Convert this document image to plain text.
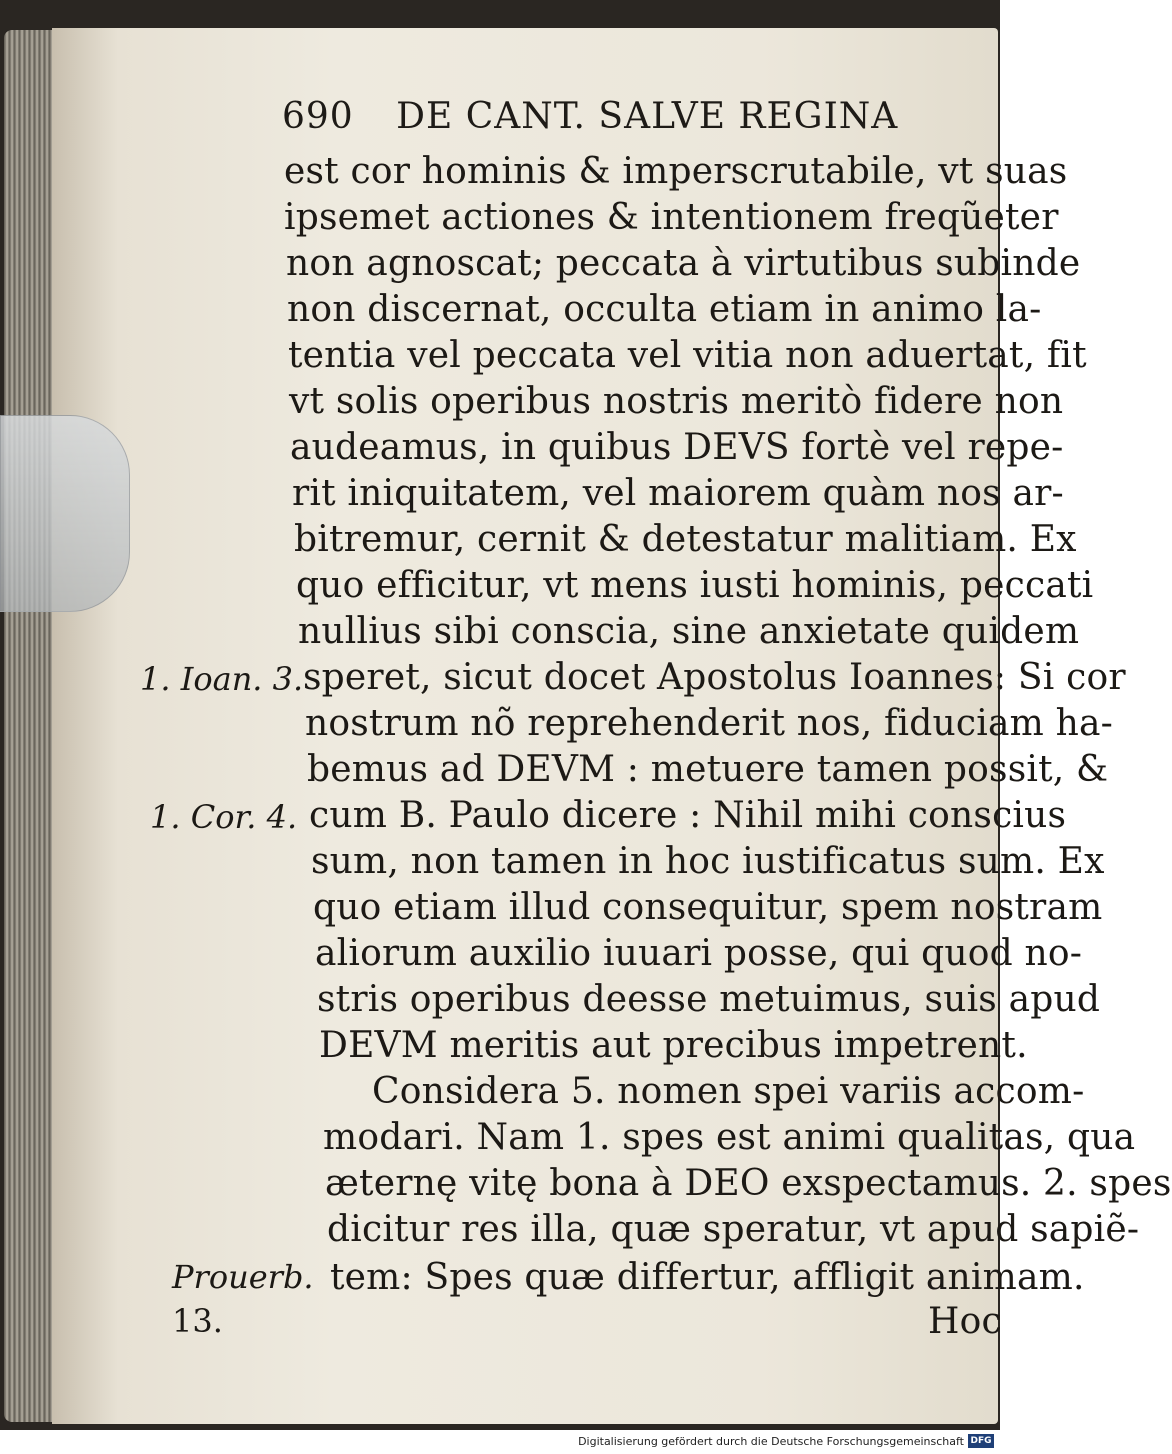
690 DE CANT. SALVE REGINA
est cor hominis & imperscrutabile, vt suas
ipsemet actiones & intentionem freqũeter
non agnoscat; peccata à virtutibus subinde
non discernat, occulta etiam in animo la-
tentia vel peccata vel vitia non aduertat, fit
vt solis operibus nostris meritò fidere non
audeamus, in quibus DEVS fortè vel repe-
rit iniquitatem, vel maiorem quàm nos ar-
bitremur, cernit & detestatur malitiam. Ex
quo efficitur, vt mens iusti hominis, peccati
nullius sibi conscia, sine anxietate quidem
speret, sicut docet Apostolus Ioannes: Si cor
nostrum nõ reprehenderit nos, fiduciam ha-
bemus ad DEVM : metuere tamen possit, &
cum B. Paulo dicere : Nihil mihi conscius
sum, non tamen in hoc iustificatus sum. Ex
quo etiam illud consequitur, spem nostram
aliorum auxilio iuuari posse, qui quod no-
stris operibus deesse metuimus, suis apud
DEVM meritis aut precibus impetrent.
Considera 5. nomen spei variis accom-
modari. Nam 1. spes est animi qualitas, qua
æternę vitę bona à DEO exspectamus. 2. spes
dicitur res illa, quæ speratur, vt apud sapiẽ-
tem: Spes quæ differtur, affligit animam.
Hoc
1. Ioan. 3.
1. Cor. 4.
Prouerb.
13.
Digitalisierung gefördert durch die Deutsche Forschungsgemeinschaft DFG
